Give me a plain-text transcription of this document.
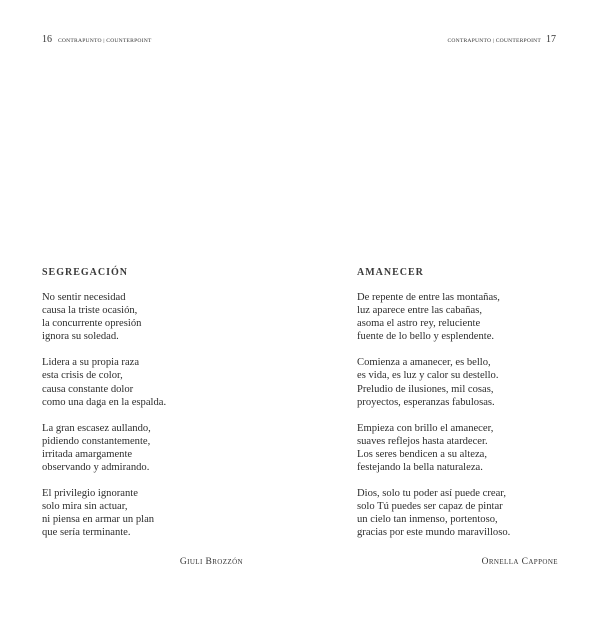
16 CONTRAPUNTO | COUNTERPOINT
segregación
No sentir necesidad
causa la triste ocasión,
la concurrente opresión
ignora su soledad.
Lidera a su propia raza
esta crisis de color,
causa constante dolor
como una daga en la espalda.
La gran escasez aullando,
pidiendo constantemente,
irritada amargamente
observando y admirando.
El privilegio ignorante
solo mira sin actuar,
ni piensa en armar un plan
que sería terminante.
Giuli Brozzón
CONTRAPUNTO | COUNTERPOINT 17
amanecer
De repente de entre las montañas,
luz aparece entre las cabañas,
asoma el astro rey, reluciente
fuente de lo bello y esplendente.
Comienza a amanecer, es bello,
es vida, es luz y calor su destello.
Preludio de ilusiones, mil cosas,
proyectos, esperanzas fabulosas.
Empieza con brillo el amanecer,
suaves reflejos hasta atardecer.
Los seres bendicen a su alteza,
festejando la bella naturaleza.
Dios, solo tu poder así puede crear,
solo Tú puedes ser capaz de pintar
un cielo tan inmenso, portentoso,
gracias por este mundo maravilloso.
Ornella Cappone
